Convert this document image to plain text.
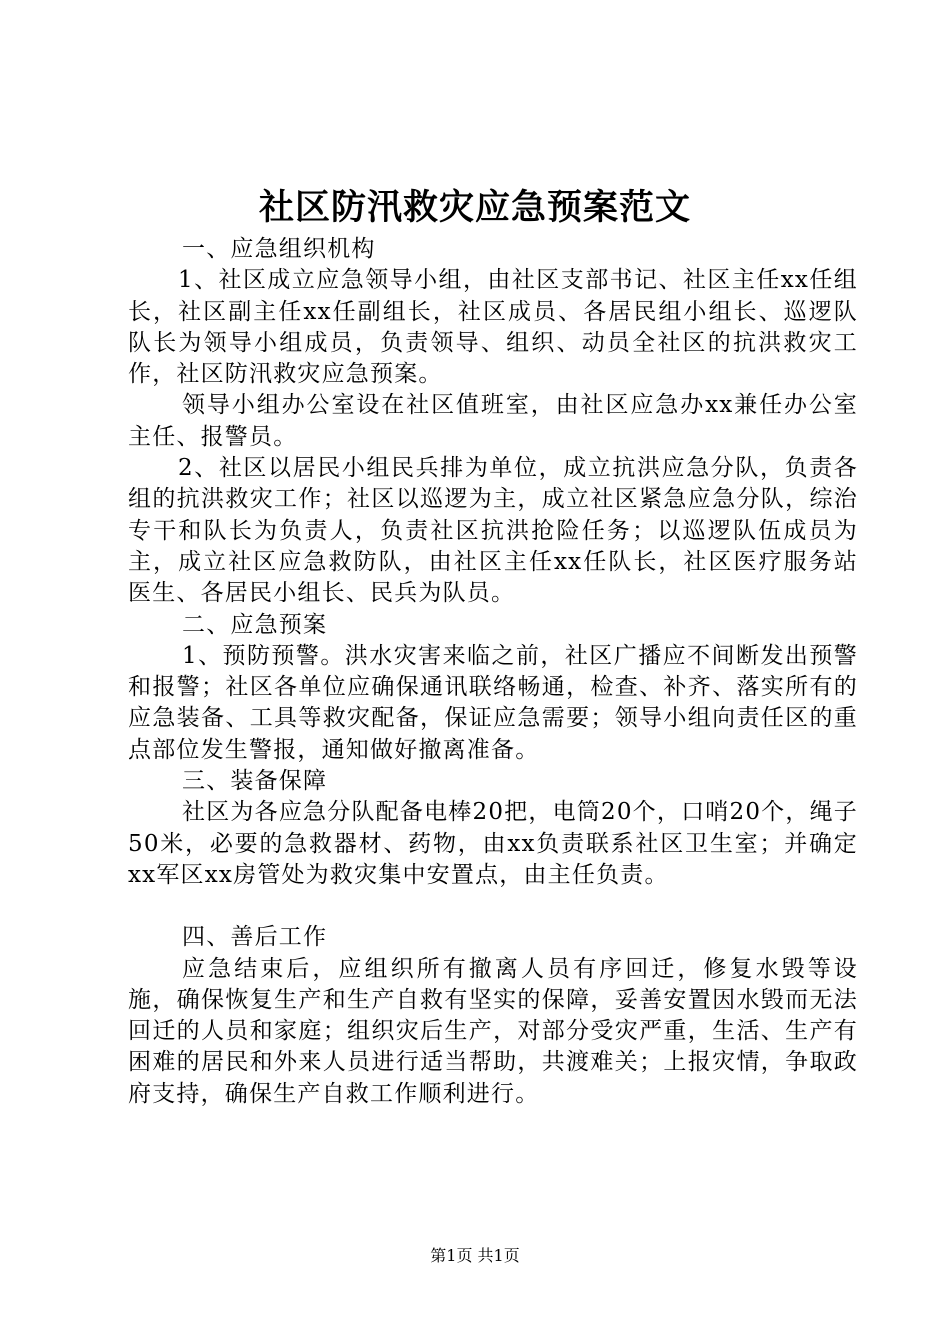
社区防汛救灾应急预案范文

一、应急组织机构

1、社区成立应急领导小组，由社区支部书记、社区主任xx任组长，社区副主任xx任副组长，社区成员、各居民组小组长、巡逻队队长为领导小组成员，负责领导、组织、动员全社区的抗洪救灾工作，社区防汛救灾应急预案。

领导小组办公室设在社区值班室，由社区应急办xx兼任办公室主任、报警员。

2、社区以居民小组民兵排为单位，成立抗洪应急分队，负责各组的抗洪救灾工作；社区以巡逻为主，成立社区紧急应急分队，综治专干和队长为负责人，负责社区抗洪抢险任务；以巡逻队伍成员为主，成立社区应急救防队，由社区主任xx任队长，社区医疗服务站医生、各居民小组长、民兵为队员。

二、应急预案

1、预防预警。洪水灾害来临之前，社区广播应不间断发出预警和报警；社区各单位应确保通讯联络畅通，检查、补齐、落实所有的应急装备、工具等救灾配备，保证应急需要；领导小组向责任区的重点部位发生警报，通知做好撤离准备。

三、装备保障

社区为各应急分队配备电棒20把，电筒20个，口哨20个，绳子50米，必要的急救器材、药物，由xx负责联系社区卫生室；并确定xx军区xx房管处为救灾集中安置点，由主任负责。

四、善后工作

应急结束后，应组织所有撤离人员有序回迁，修复水毁等设施，确保恢复生产和生产自救有坚实的保障，妥善安置因水毁而无法回迁的人员和家庭；组织灾后生产，对部分受灾严重，生活、生产有困难的居民和外来人员进行适当帮助，共渡难关；上报灾情，争取政府支持，确保生产自救工作顺利进行。

第1页 共1页
